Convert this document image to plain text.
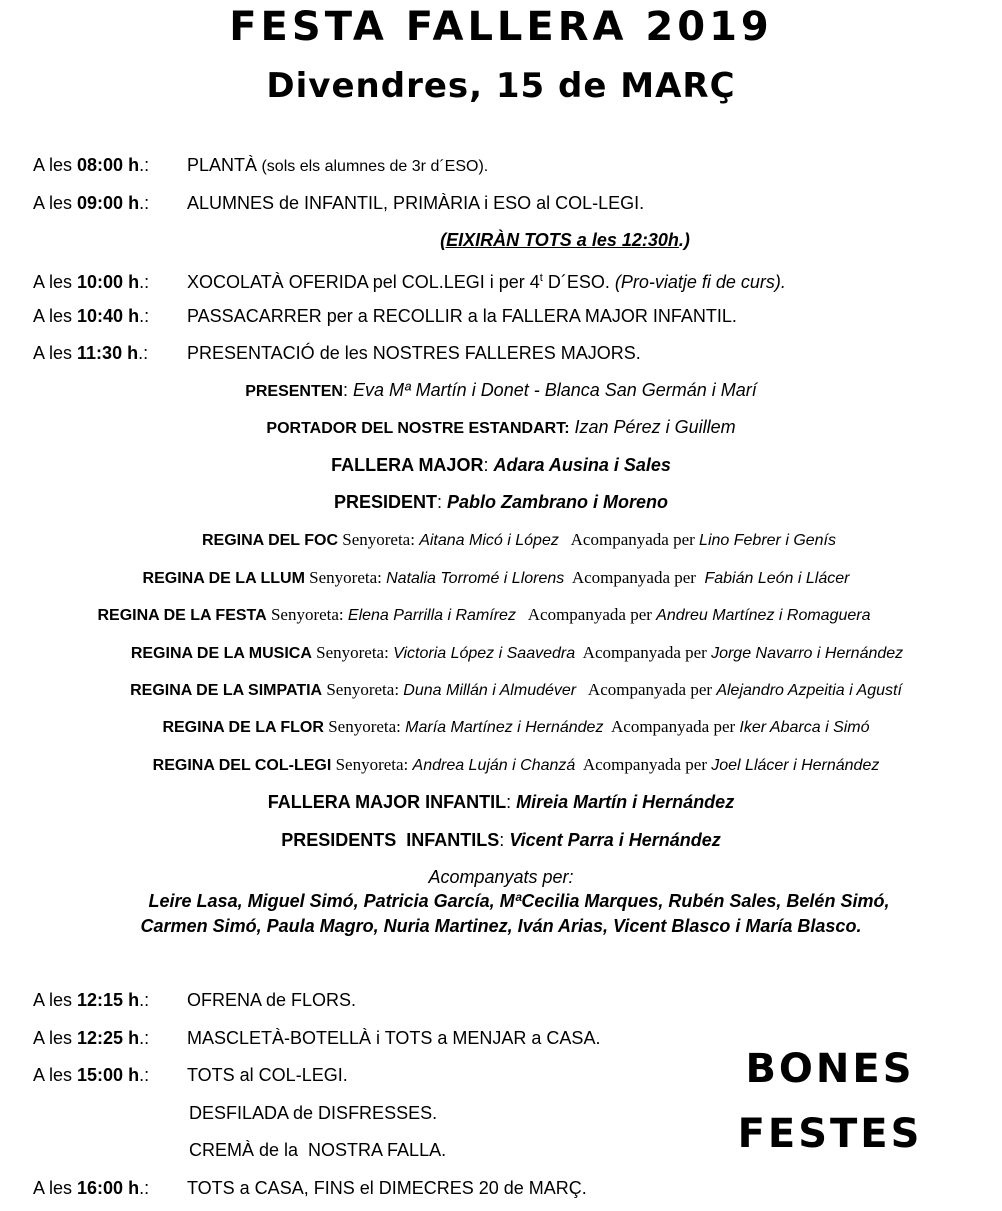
FESTA FALLERA 2019
Divendres, 15 de MARÇ
A les 08:00 h.: PLANTÀ (sols els alumnes de 3r d´ESO).
A les 09:00 h.: ALUMNES de INFANTIL, PRIMÀRIA i ESO al COL-LEGI.
(EIXIRÀN TOTS a les 12:30h.)
A les 10:00 h.: XOCOLATÀ OFERIDA pel COL.LEGI i per 4$^t$ D´ESO. (Pro-viatje fi de curs).
A les 10:40 h.: PASSACARRER per a RECOLLIR a la FALLERA MAJOR INFANTIL.
A les 11:30 h.: PRESENTACIÓ de les NOSTRES FALLERES MAJORS.
PRESENTEN: Eva Mª Martín i Donet - Blanca San Germán i Marí
PORTADOR DEL NOSTRE ESTANDART: Izan Pérez i Guillem
FALLERA MAJOR: Adara Ausina i Sales
PRESIDENT: Pablo Zambrano i Moreno
REGINA DEL FOC Senyoreta: Aitana Micó i López   Acompanyada per Lino Febrer i Genís
REGINA DE LA LLUM Senyoreta: Natalia Torromé i Llorens  Acompanyada per  Fabián León i Llácer
REGINA DE LA FESTA Senyoreta: Elena Parrilla i Ramírez   Acompanyada per Andreu Martínez i Romaguera
REGINA DE LA MUSICA Senyoreta: Victoria López i Saavedra  Acompanyada per Jorge Navarro i Hernández
REGINA DE LA SIMPATIA Senyoreta: Duna Millán i Almudéver   Acompanyada per Alejandro Azpeitia i Agustí
REGINA DE LA FLOR Senyoreta: María Martínez i Hernández  Acompanyada per Iker Abarca i Simó
REGINA DEL COL-LEGI Senyoreta: Andrea Luján i Chanzá  Acompanyada per Joel Llácer i Hernández
FALLERA MAJOR INFANTIL: Mireia Martín i Hernández
PRESIDENTS  INFANTILS: Vicent Parra i Hernández
Acompanyats per:
Leire Lasa, Miguel Simó, Patricia García, MªCecilia Marques, Rubén Sales, Belén Simó,
Carmen Simó, Paula Magro, Nuria Martinez, Iván Arias, Vicent Blasco i María Blasco.
A les 12:15 h.: OFRENA de FLORS.
A les 12:25 h.: MASCLETÀ-BOTELLÀ i TOTS a MENJAR a CASA.
A les 15:00 h.: TOTS al COL-LEGI.
DESFILADA de DISFRESSES.
CREMÀ de la  NOSTRA FALLA.
A les 16:00 h.: TOTS a CASA, FINS el DIMECRES 20 de MARÇ.
BONES
FESTES
